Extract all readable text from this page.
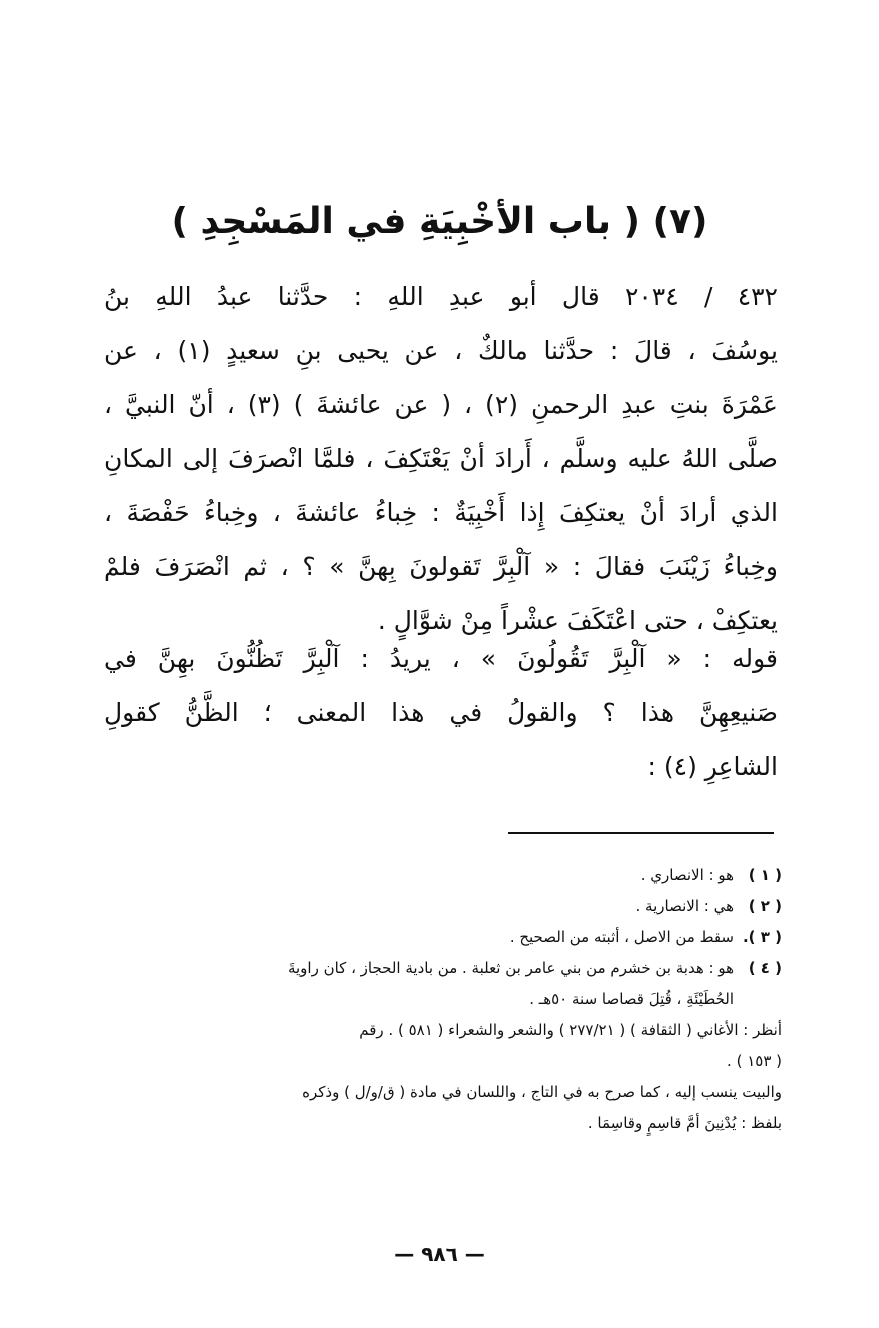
(٧) ( باب الأخْبِيَةِ في المَسْجِدِ )
٤٣٢ / ٢٠٣٤ قال أبو عبدِ اللهِ : حدَّثنا عبدُ اللهِ بنُ
يوسُفَ ، قالَ : حدَّثنا مالكٌ ، عن يحيى بنِ سعيدٍ (١) ، عن
عَمْرَةَ بنتِ عبدِ الرحمنِ (٢) ، ( عن عائشةَ ) (٣) ، أنّ النبيَّ ،
صلَّى اللهُ عليه وسلَّم ، أَرادَ أنْ يَعْتَكِفَ ، فلمَّا انْصرَفَ إلى المكانِ
الذي أرادَ أنْ يعتكِفَ إِذا أَخْبِيَةٌ : خِباءُ عائشةَ ، وخِباءُ حَفْصَةَ ،
وخِباءُ زَيْنَبَ فقالَ : « آلْبِرَّ تَقولونَ بِهنَّ » ؟ ، ثم انْصَرَفَ فلمْ
يعتكِفْ ، حتى اعْتَكَفَ عشْراً مِنْ شوَّالٍ .
قوله : « آلْبِرَّ تَقُولُونَ » ، يريدُ : آلْبِرَّ تَظُنُّونَ بهِنَّ في
صَنيعِهِنَّ هذا ؟ والقولُ في هذا المعنى ؛ الظَّنُّ كقولِ
الشاعِرِ (٤) :
( ١ )
هو : الانصاري .
( ٢ )
هي : الانصارية .
( ٣ ).
سقط من الاصل ، أثبته من الصحيح .
( ٤ )
هو : هدبة بن خشرم من بني عامر بن ثعلبة . من بادية الحجاز ، كان راويةَ
الحُطَيْئَةِ ، قُتِلَ قصاصا سنة ٥٠هـ .
أنظر : الأغاني ( الثقافة ) ( ٢٧٧/٢١ ) والشعر والشعراء ( ٥٨١ ) . رقم
( ١٥٣ ) .
والبيت ينسب إليه ، كما صرح به في التاج ، واللسان في مادة ( ق/و/ل ) وذكره
بلفظ : يُدْنِينَ أمَّ قاسِمٍ وقاسِمَا .
— ٩٨٦ —
